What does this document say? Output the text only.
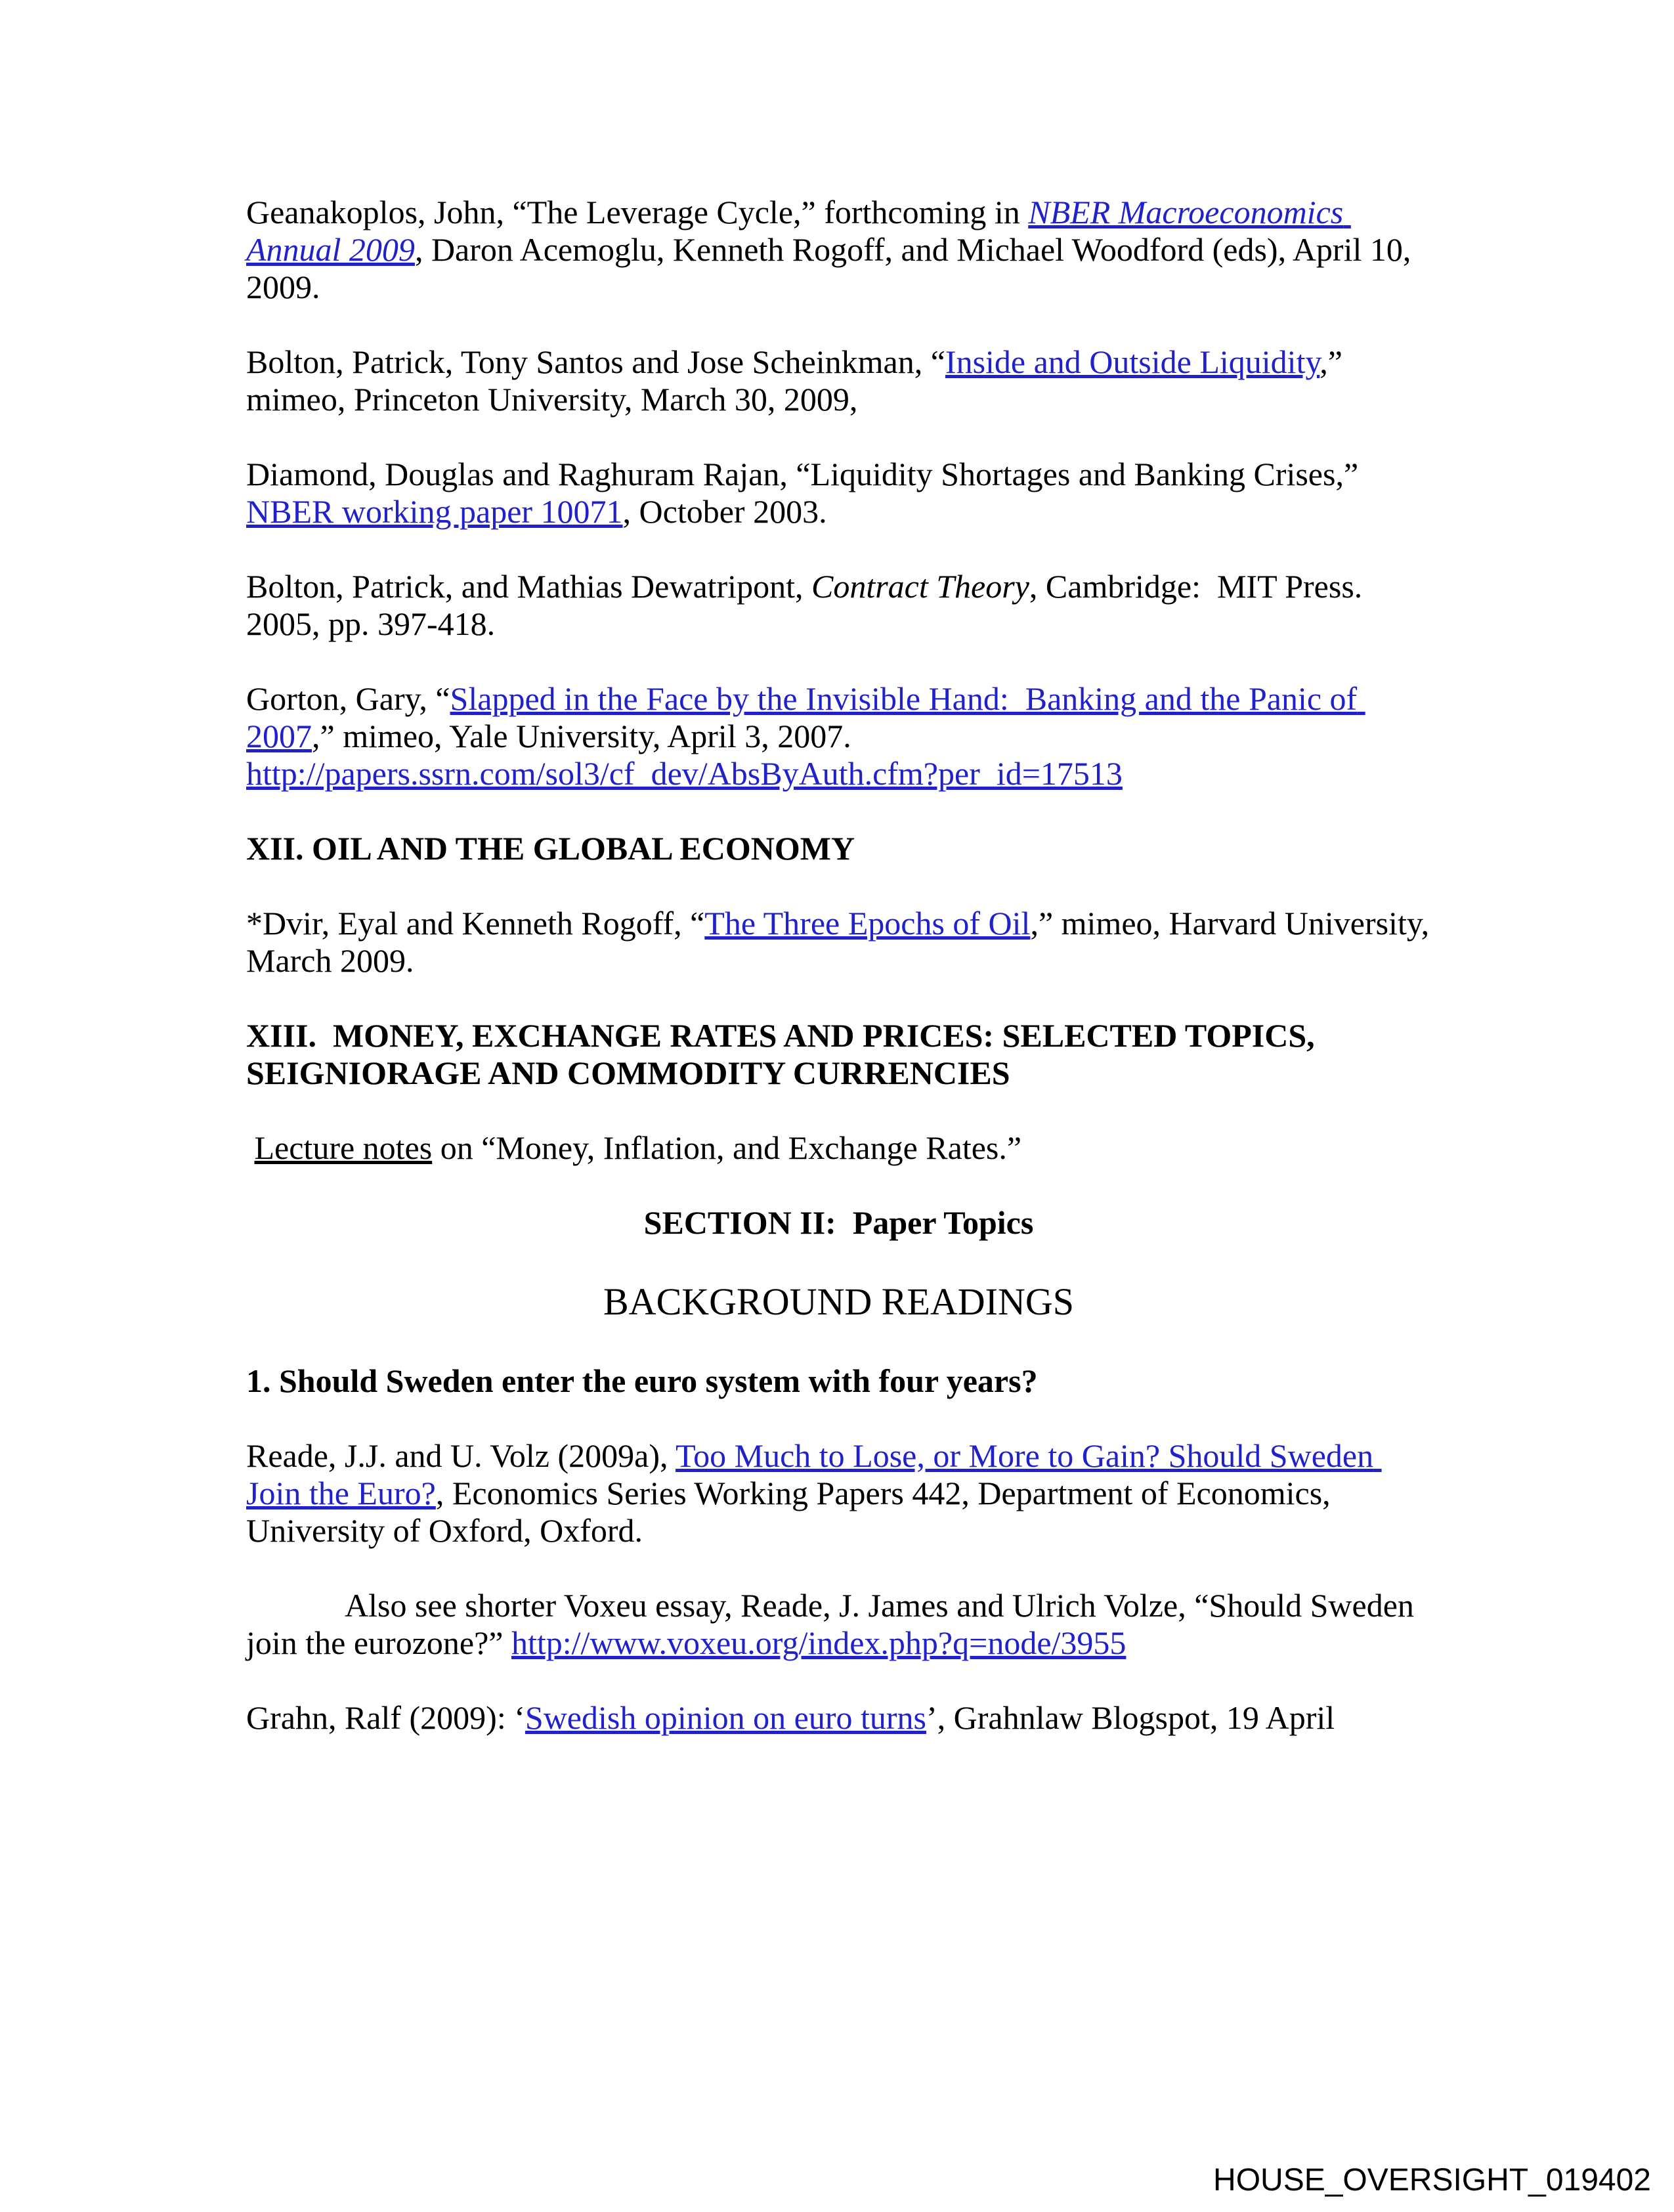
Geanakoplos, John, “The Leverage Cycle,” forthcoming in NBER Macroeconomics Annual 2009, Daron Acemoglu, Kenneth Rogoff, and Michael Woodford (eds), April 10, 2009.

Bolton, Patrick, Tony Santos and Jose Scheinkman, “Inside and Outside Liquidity,” mimeo, Princeton University, March 30, 2009,

Diamond, Douglas and Raghuram Rajan, “Liquidity Shortages and Banking Crises,” NBER working paper 10071, October 2003.

Bolton, Patrick, and Mathias Dewatripont, Contract Theory, Cambridge:  MIT Press. 2005, pp. 397-418.

Gorton, Gary, “Slapped in the Face by the Invisible Hand:  Banking and the Panic of 2007,” mimeo, Yale University, April 3, 2007.
http://papers.ssrn.com/sol3/cf_dev/AbsByAuth.cfm?per_id=17513

XII. OIL AND THE GLOBAL ECONOMY

*Dvir, Eyal and Kenneth Rogoff, “The Three Epochs of Oil,” mimeo, Harvard University, March 2009.

XIII.  MONEY, EXCHANGE RATES AND PRICES: SELECTED TOPICS, SEIGNIORAGE AND COMMODITY CURRENCIES

Lecture notes on “Money, Inflation, and Exchange Rates.”

SECTION II:  Paper Topics

BACKGROUND READINGS

1. Should Sweden enter the euro system with four years?

Reade, J.J. and U. Volz (2009a), Too Much to Lose, or More to Gain? Should Sweden Join the Euro?, Economics Series Working Papers 442, Department of Economics, University of Oxford, Oxford.

Also see shorter Voxeu essay, Reade, J. James and Ulrich Volze, “Should Sweden join the eurozone?” http://www.voxeu.org/index.php?q=node/3955

Grahn, Ralf (2009): ‘Swedish opinion on euro turns’, Grahnlaw Blogspot, 19 April

HOUSE_OVERSIGHT_019402
